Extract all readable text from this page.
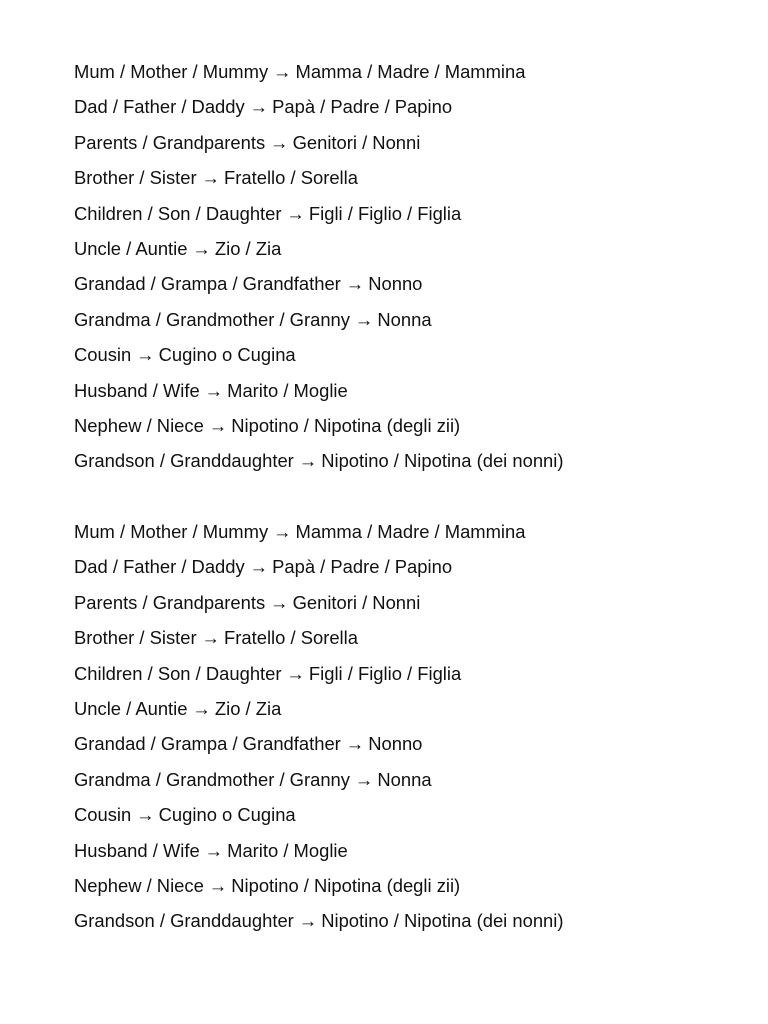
Mum / Mother / Mummy → Mamma / Madre / Mammina
Dad / Father / Daddy → Papà / Padre / Papino
Parents / Grandparents → Genitori / Nonni
Brother / Sister → Fratello / Sorella
Children / Son / Daughter → Figli / Figlio / Figlia
Uncle / Auntie → Zio / Zia
Grandad / Grampa / Grandfather → Nonno
Grandma / Grandmother / Granny → Nonna
Cousin → Cugino o Cugina
Husband / Wife → Marito / Moglie
Nephew / Niece → Nipotino / Nipotina (degli zii)
Grandson / Granddaughter → Nipotino / Nipotina (dei nonni)
Mum / Mother / Mummy → Mamma / Madre / Mammina
Dad / Father / Daddy → Papà / Padre / Papino
Parents / Grandparents → Genitori / Nonni
Brother / Sister → Fratello / Sorella
Children / Son / Daughter → Figli / Figlio / Figlia
Uncle / Auntie → Zio / Zia
Grandad / Grampa / Grandfather → Nonno
Grandma / Grandmother / Granny → Nonna
Cousin → Cugino o Cugina
Husband / Wife → Marito / Moglie
Nephew / Niece → Nipotino / Nipotina (degli zii)
Grandson / Granddaughter → Nipotino / Nipotina (dei nonni)
